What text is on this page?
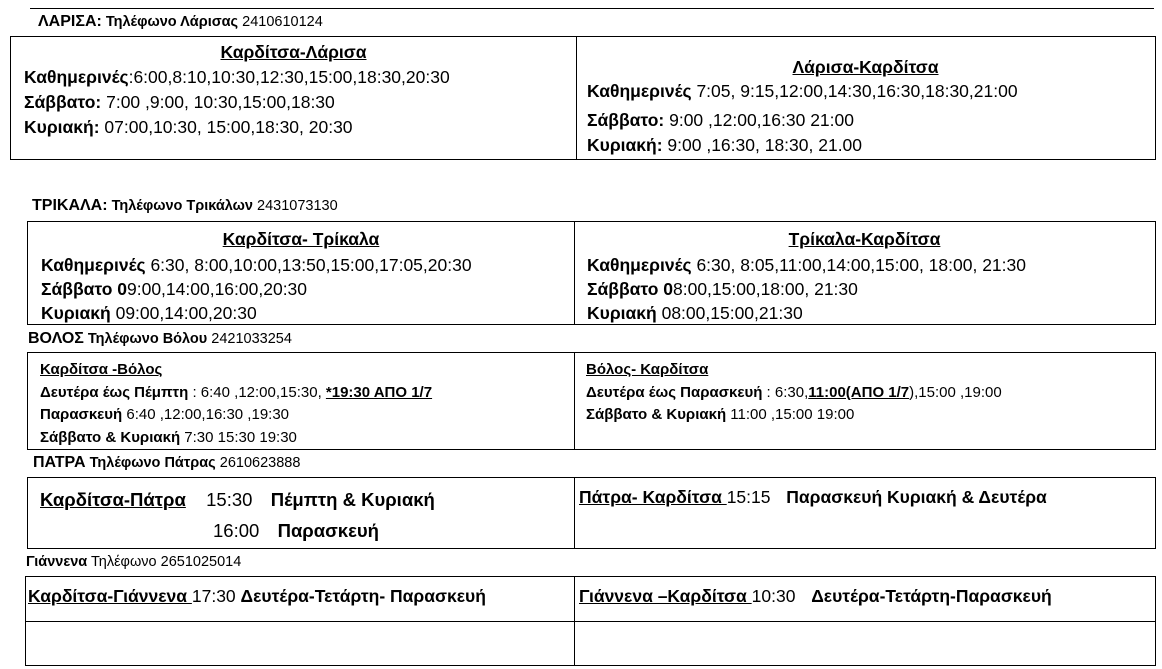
ΛΑΡΙΣΑ: Τηλέφωνο Λάρισας 2410610124
Καρδίτσα-Λάρισα
Καθημερινές:6:00,8:10,10:30,12:30,15:00,18:30,20:30
Σάββατο: 7:00 ,9:00, 10:30,15:00,18:30
Κυριακή: 07:00,10:30, 15:00,18:30, 20:30
Λάρισα-Καρδίτσα
Καθημερινές 7:05, 9:15,12:00,14:30,16:30,18:30,21:00
Σάββατο: 9:00 ,12:00,16:30 21:00
Κυριακή: 9:00 ,16:30, 18:30, 21.00
ΤΡΙΚΑΛΑ: Τηλέφωνο Τρικάλων 2431073130
Καρδίτσα- Τρίκαλα
Καθημερινές 6:30, 8:00,10:00,13:50,15:00,17:05,20:30
Σάββατο 09:00,14:00,16:00,20:30
Κυριακή 09:00,14:00,20:30
Τρίκαλα-Καρδίτσα
Καθημερινές 6:30, 8:05,11:00,14:00,15:00, 18:00, 21:30
Σάββατο 08:00,15:00,18:00, 21:30
Κυριακή 08:00,15:00,21:30
ΒΟΛΟΣ Τηλέφωνο Βόλου 2421033254
Καρδίτσα -Βόλος
Δευτέρα έως Πέμπτη : 6:40 ,12:00,15:30, *19:30 ΑΠΟ 1/7
Παρασκευή 6:40 ,12:00,16:30 ,19:30
Σάββατο & Κυριακή 7:30 15:30 19:30
Βόλος- Καρδίτσα
Δευτέρα έως Παρασκευή : 6:30,11:00(ΑΠΟ 1/7),15:00 ,19:00
Σάββατο & Κυριακή 11:00 ,15:00 19:00
ΠΑΤΡΑ Τηλέφωνο Πάτρας 2610623888
Καρδίτσα-Πάτρα 15:30 Πέμπτη & Κυριακή
16:00 Παρασκευή
Πάτρα- Καρδίτσα 15:15 Παρασκευή Κυριακή & Δευτέρα
Γιάννενα Τηλέφωνο 2651025014
Καρδίτσα-Γιάννενα 17:30 Δευτέρα-Τετάρτη- Παρασκευή	Γιάννενα –Καρδίτσα 10:30 Δευτέρα-Τετάρτη-Παρασκευή
